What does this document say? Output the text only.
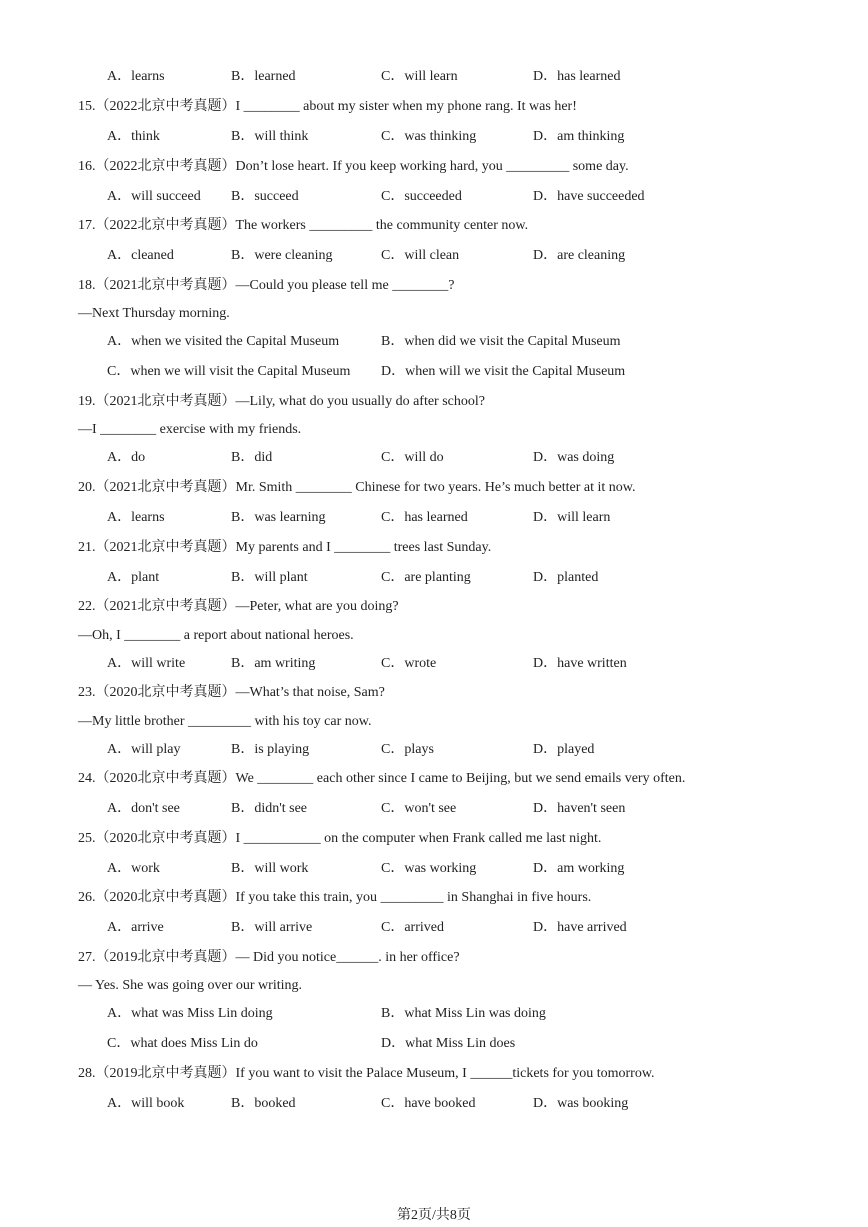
A．learns	B．learned	C．will learn	D．has learned
15.（2022北京中考真题）I ________ about my sister when my phone rang. It was her!
A．think	B．will think	C．was thinking	D．am thinking
16.（2022北京中考真题）Don’t lose heart. If you keep working hard, you _________ some day.
A．will succeed B．succeed	C．succeeded	D．have succeeded
17.（2022北京中考真题）The workers _________ the community center now.
A．cleaned	B．were cleaning	C．will clean	D．are cleaning
18.（2021北京中考真题）—Could you please tell me ________?
—Next Thursday morning.
A．when we visited the Capital Museum	B．when did we visit the Capital Museum
C．when we will visit the Capital Museum D．when will we visit the Capital Museum
19.（2021北京中考真题）—Lily, what do you usually do after school?
—I ________ exercise with my friends.
A．do	B．did	C．will do	D．was doing
20.（2021北京中考真题）Mr. Smith ________ Chinese for two years. He’s much better at it now.
A．learns	B．was learning	C．has learned	D．will learn
21.（2021北京中考真题）My parents and I ________ trees last Sunday.
A．plant	B．will plant	C．are planting	D．planted
22.（2021北京中考真题）—Peter, what are you doing?
—Oh, I ________ a report about national heroes.
A．will write	B．am writing	C．wrote	D．have written
23.（2020北京中考真题）—What’s that noise, Sam?
—My little brother _________ with his toy car now.
A．will play	B．is playing	C．plays	D．played
24.（2020北京中考真题）We ________ each other since I came to Beijing, but we send emails very often.
A．don't see	B．didn't see	C．won't see	D．haven't seen
25.（2020北京中考真题）I ___________ on the computer when Frank called me last night.
A．work	B．will work	C．was working	D．am working
26.（2020北京中考真题）If you take this train, you _________ in Shanghai in five hours.
A．arrive	B．will arrive	C．arrived	D．have arrived
27.（2019北京中考真题）— Did you notice______. in her office?
— Yes. She was going over our writing.
A．what was Miss Lin doing	B．what Miss Lin was doing
C．what does Miss Lin do	D．what Miss Lin does
28.（2019北京中考真题）If you want to visit the Palace Museum, I ______tickets for you tomorrow.
A．will book	B．booked	C．have booked	D．was booking
第2页/共8页
